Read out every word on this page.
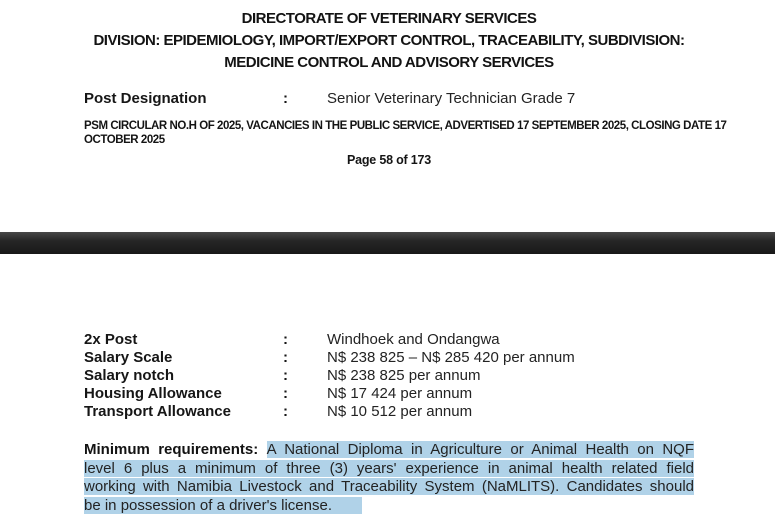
DIRECTORATE OF VETERINARY SERVICES
DIVISION: EPIDEMIOLOGY, IMPORT/EXPORT CONTROL, TRACEABILITY, SUBDIVISION:
MEDICINE CONTROL AND ADVISORY SERVICES
Post Designation	:	Senior Veterinary Technician Grade 7
PSM CIRCULAR NO.H OF 2025, VACANCIES IN THE PUBLIC SERVICE, ADVERTISED 17 SEPTEMBER 2025, CLOSING DATE 17
OCTOBER 2025
Page 58 of 173
2x Post	:	Windhoek and Ondangwa
Salary Scale	:	N$ 238 825 – N$ 285 420 per annum
Salary notch	:	N$ 238 825 per annum
Housing Allowance	:	N$ 17 424 per annum
Transport Allowance	:	N$ 10 512 per annum
Minimum requirements: A National Diploma in Agriculture or Animal Health on NQF
level 6 plus a minimum of three (3) years' experience in animal health related field
working with Namibia Livestock and Traceability System (NaMLITS). Candidates should
be in possession of a driver's license.
